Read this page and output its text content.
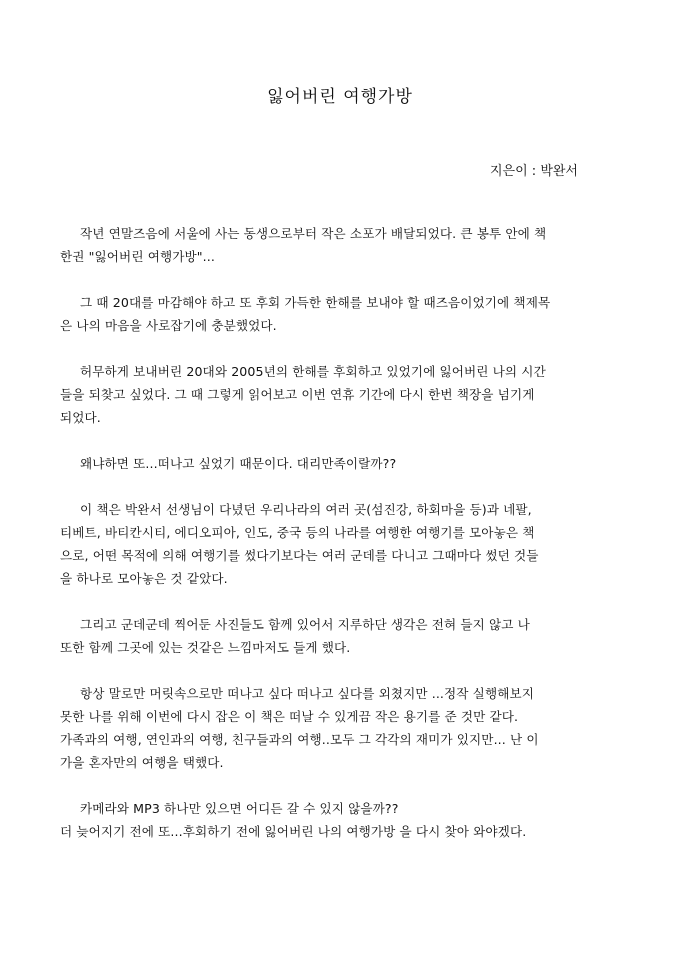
잃어버린 여행가방
지은이 : 박완서

작년 연말즈음에 서울에 사는 동생으로부터 작은 소포가 배달되었다. 큰 봉투 안에 책
한권 "잃어버린 여행가방"...

그 때 20대를 마감해야 하고 또 후회 가득한 한해를 보내야 할 때즈음이었기에 책제목
은 나의 마음을 사로잡기에 충분했었다.

허무하게 보내버린 20대와 2005년의 한해를 후회하고 있었기에 잃어버린 나의 시간
들을 되찾고 싶었다. 그 때 그렇게 읽어보고 이번 연휴 기간에 다시 한번 책장을 넘기게
되었다.

왜냐하면 또...떠나고 싶었기 때문이다. 대리만족이랄까??

이 책은 박완서 선생님이 다녔던 우리나라의 여러 곳(섬진강, 하회마을 등)과 네팔,
티베트, 바티칸시티, 에디오피아, 인도, 중국 등의 나라를 여행한 여행기를 모아놓은 책
으로, 어떤 목적에 의해 여행기를 썼다기보다는 여러 군데를 다니고 그때마다 썼던 것들
을 하나로 모아놓은 것 같았다.

그리고 군데군데 찍어둔 사진들도 함께 있어서 지루하단 생각은 전혀 들지 않고 나
또한 함께 그곳에 있는 것같은 느낌마저도 들게 했다.

항상 말로만 머릿속으로만 떠나고 싶다 떠나고 싶다를 외쳤지만 ...정작 실행해보지
못한 나를 위해 이번에 다시 잡은 이 책은 떠날 수 있게끔 작은 용기를 준 것만 같다.
가족과의 여행, 연인과의 여행, 친구들과의 여행..모두 그 각각의 재미가 있지만... 난 이
가을 혼자만의 여행을 택했다.

카메라와 MP3 하나만 있으면 어디든 갈 수 있지 않을까??
더 늦어지기 전에 또...후회하기 전에 잃어버린 나의 여행가방 을 다시 찾아 와야겠다.
